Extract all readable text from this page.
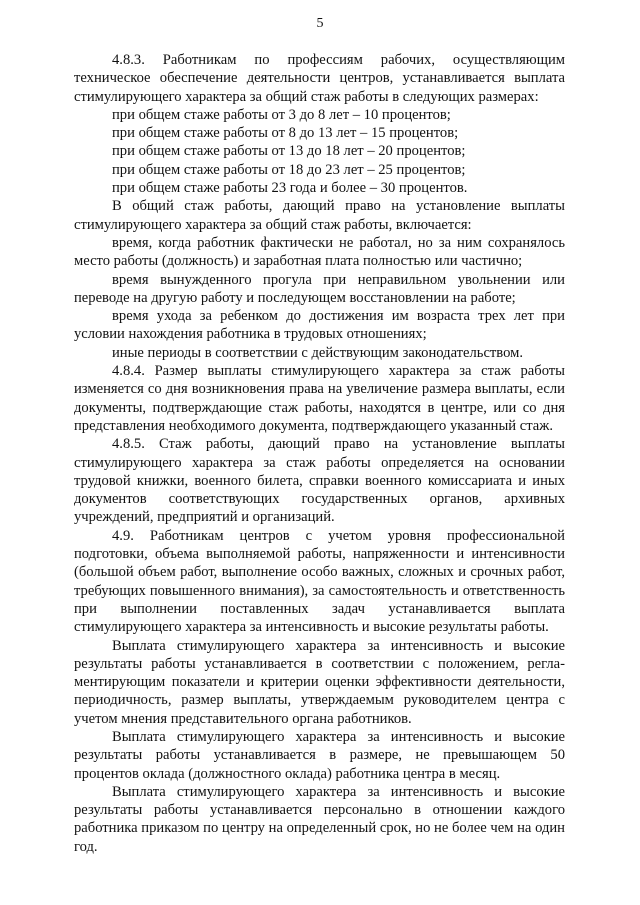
5

4.8.3. Работникам по профессиям рабочих, осуществляющим техническое обеспечение деятельности центров, устанавливается выплата стимулирующего характера за общий стаж работы в следующих размерах:

при общем стаже работы от 3 до 8 лет – 10 процентов;

при общем стаже работы от 8 до 13 лет – 15 процентов;

при общем стаже работы от 13 до 18 лет – 20 процентов;

при общем стаже работы от 18 до 23 лет – 25 процентов;

при общем стаже работы 23 года и более – 30 процентов.

В общий стаж работы, дающий право на установление выплаты стимулирующего характера за общий стаж работы, включается:

время, когда работник фактически не работал, но за ним сохранялось место работы (должность) и заработная плата полностью или частично;

время вынужденного прогула при неправильном увольнении или переводе на другую работу и последующем восстановлении на работе;

время ухода за ребенком до достижения им возраста трех лет при условии нахождения работника в трудовых отношениях;

иные периоды в соответствии с действующим законодательством.

4.8.4. Размер выплаты стимулирующего характера за стаж работы изменяется со дня возникновения права на увеличение размера выплаты, если документы, подтверждающие стаж работы, находятся в центре, или со дня представления необходимого документа, подтверждающего указанный стаж.

4.8.5. Стаж работы, дающий право на установление выплаты стимулирующего характера за стаж работы определяется на основании трудовой книжки, военного билета, справки военного комиссариата и иных документов соответствующих государственных органов, архивных учреждений, предприятий и организаций.

4.9. Работникам центров с учетом уровня профессиональной подготовки, объема выполняемой работы, напряженности и интенсивности (большой объем работ, выполнение особо важных, сложных и срочных работ, требующих повышенного внимания), за самостоятельность и ответственность при выполнении поставленных задач устанавливается выплата стимулирующего характера за интенсивность и высокие результаты работы.

Выплата стимулирующего характера за интенсивность и высокие результаты работы устанавливается в соответствии с положением, регламентирующим показатели и критерии оценки эффективности деятельности, периодичность, размер выплаты, утверждаемым руководителем центра с учетом мнения представительного органа работников.

Выплата стимулирующего характера за интенсивность и высокие результаты работы устанавливается в размере, не превышающем 50 процентов оклада (должностного оклада) работника центра в месяц.

Выплата стимулирующего характера за интенсивность и высокие результаты работы устанавливается персонально в отношении каждого работника приказом по центру на определенный срок, но не более чем на один год.
